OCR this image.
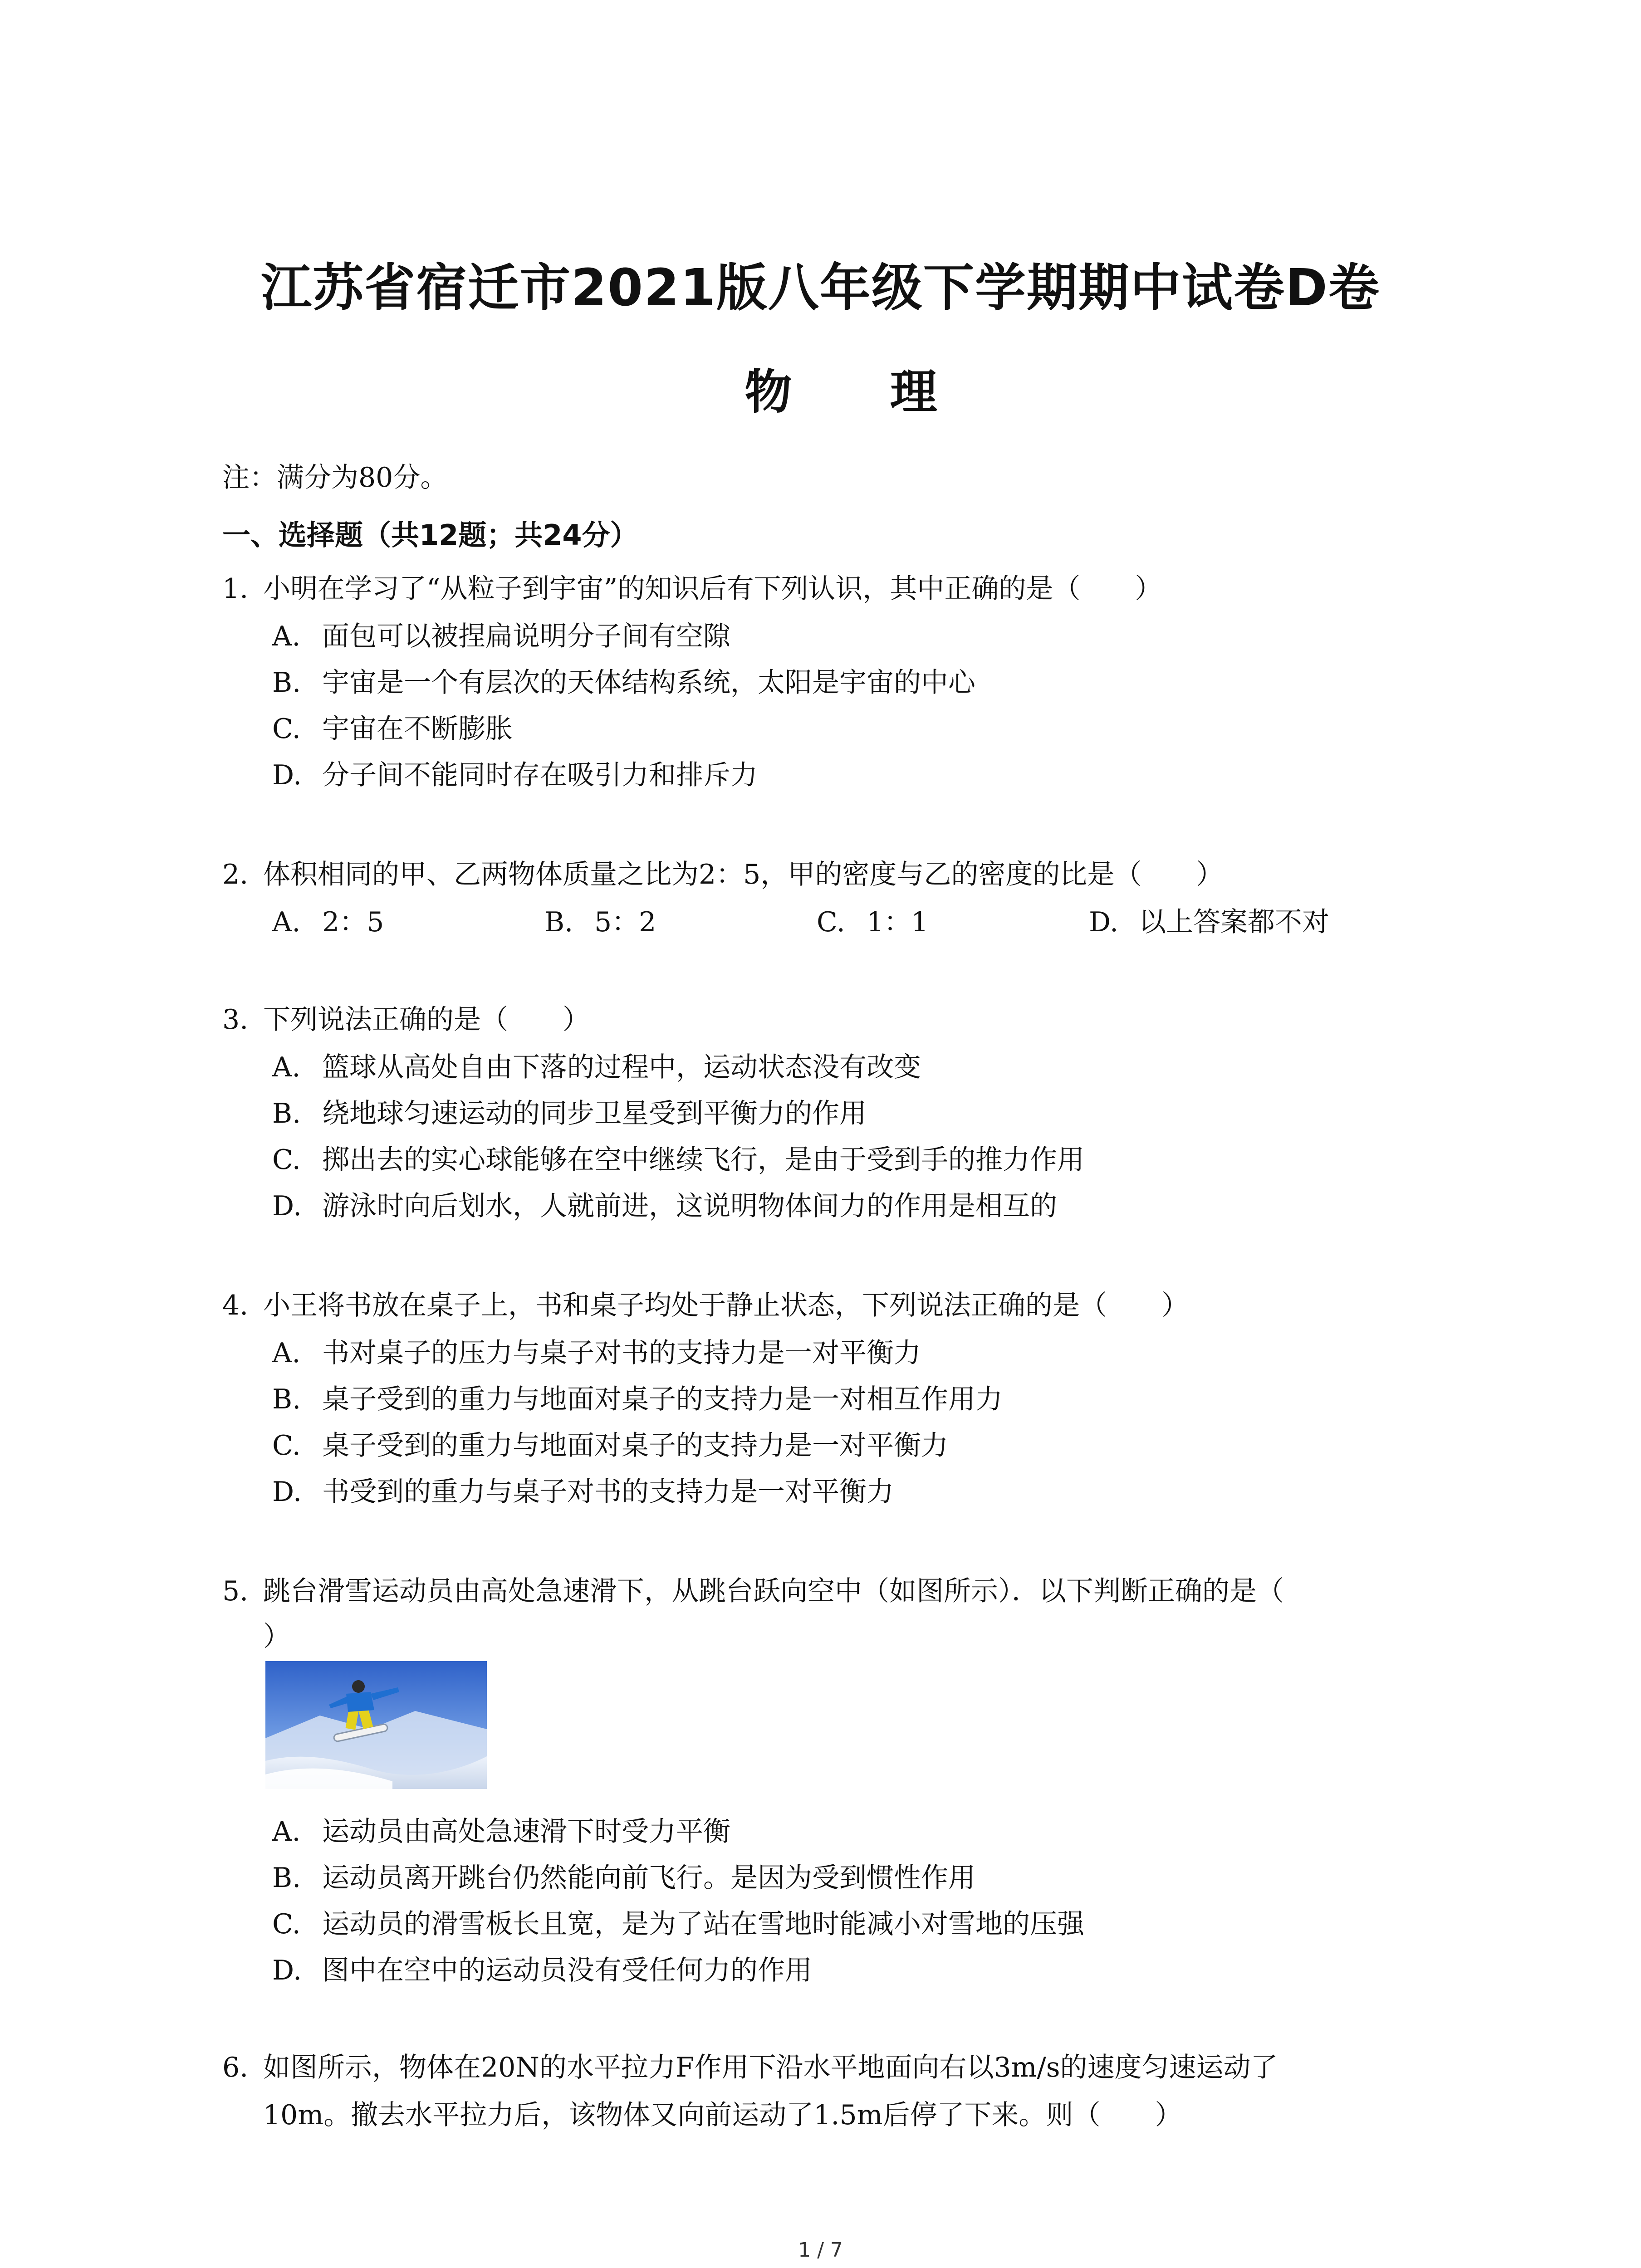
江苏省宿迁市2021版八年级下学期期中试卷D卷
物 理
注：满分为80分。
一、选择题（共12题；共24分）
1. 小明在学习了“从粒子到宇宙”的知识后有下列认识，其中正确的是（　　）
A. 面包可以被捏扁说明分子间有空隙
B. 宇宙是一个有层次的天体结构系统，太阳是宇宙的中心
C. 宇宙在不断膨胀
D. 分子间不能同时存在吸引力和排斥力
2. 体积相同的甲、乙两物体质量之比为2：5，甲的密度与乙的密度的比是（　　）
A. 2：5	B. 5：2	C. 1：1	D. 以上答案都不对
3. 下列说法正确的是（　　）
A. 篮球从高处自由下落的过程中，运动状态没有改变
B. 绕地球匀速运动的同步卫星受到平衡力的作用
C. 掷出去的实心球能够在空中继续飞行，是由于受到手的推力作用
D. 游泳时向后划水，人就前进，这说明物体间力的作用是相互的
4. 小王将书放在桌子上，书和桌子均处于静止状态，下列说法正确的是（　　）
A. 书对桌子的压力与桌子对书的支持力是一对平衡力
B. 桌子受到的重力与地面对桌子的支持力是一对相互作用力
C. 桌子受到的重力与地面对桌子的支持力是一对平衡力
D. 书受到的重力与桌子对书的支持力是一对平衡力
5. 跳台滑雪运动员由高处急速滑下，从跳台跃向空中（如图所示）．以下判断正确的是（
）
A. 运动员由高处急速滑下时受力平衡
B. 运动员离开跳台仍然能向前飞行。是因为受到惯性作用
C. 运动员的滑雪板长且宽，是为了站在雪地时能减小对雪地的压强
D. 图中在空中的运动员没有受任何力的作用
6. 如图所示，物体在20N的水平拉力F作用下沿水平地面向右以3m/s的速度匀速运动了
10m。撤去水平拉力后，该物体又向前运动了1.5m后停了下来。则（　　）
1 / 7
